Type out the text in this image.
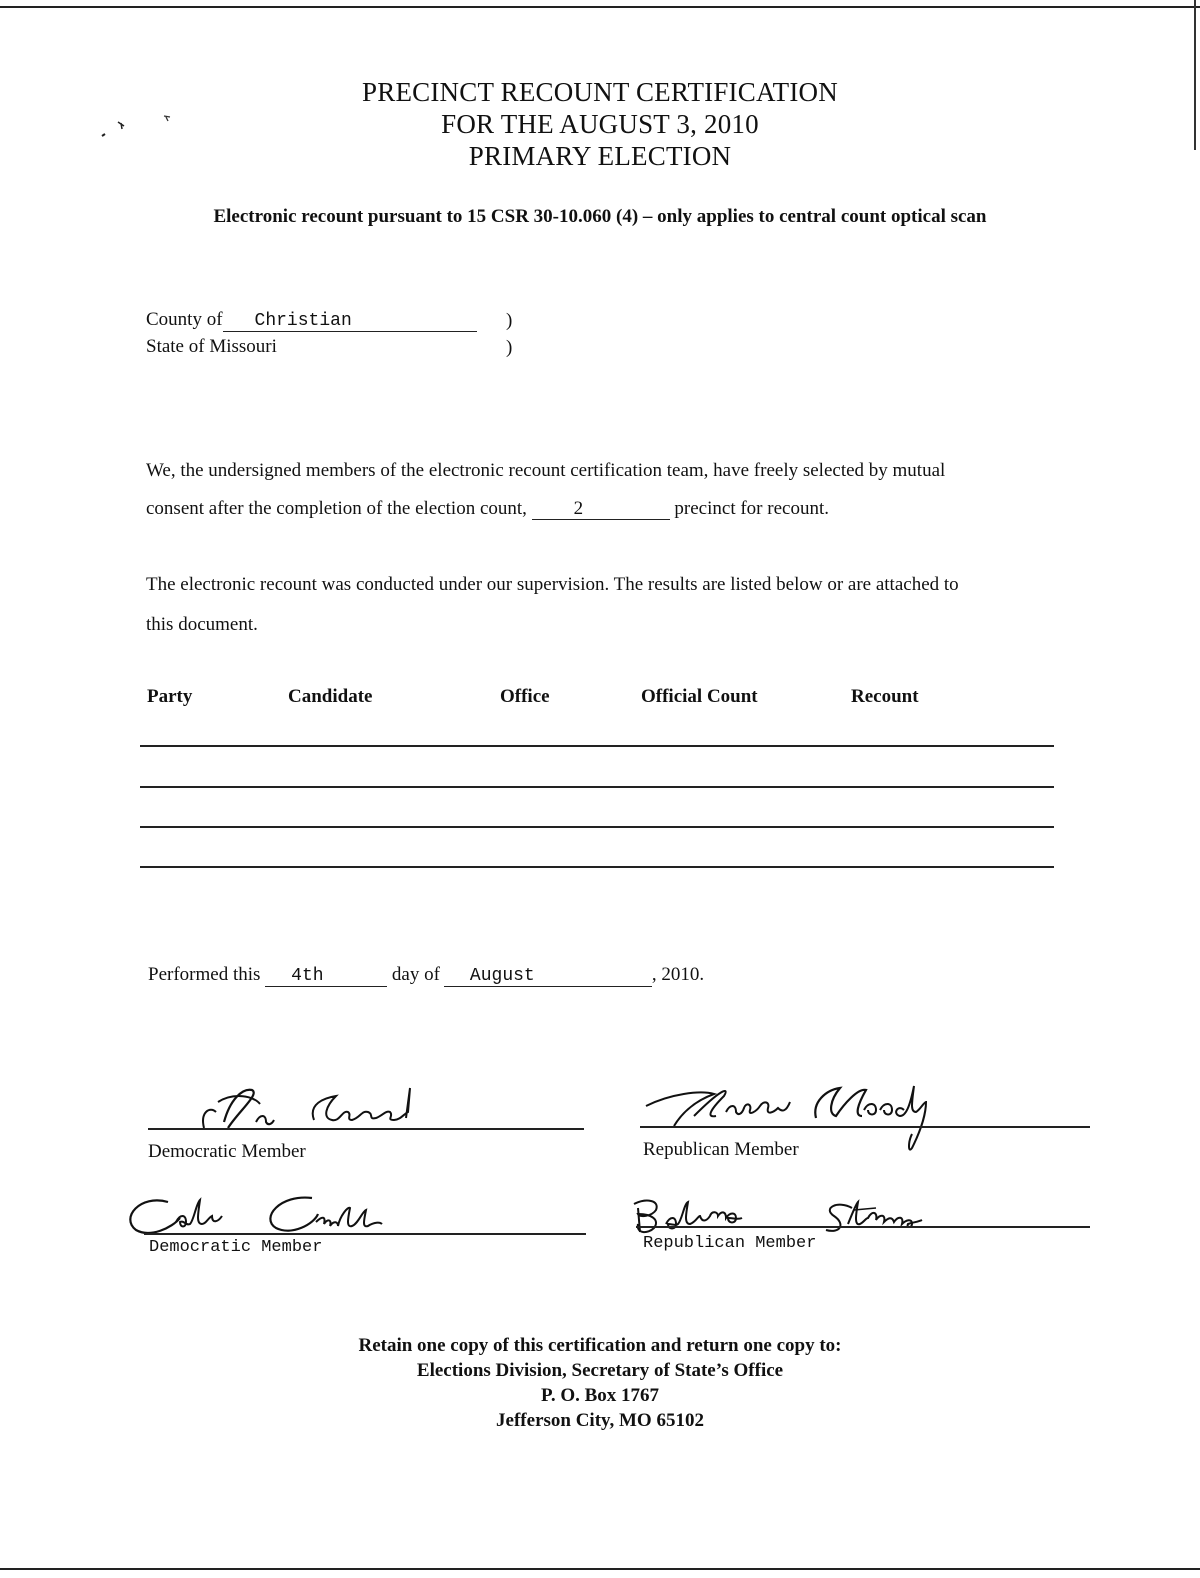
PRECINCT RECOUNT CERTIFICATION
FOR THE AUGUST 3, 2010
PRIMARY ELECTION
Electronic recount pursuant to 15 CSR 30-10.060 (4) – only applies to central count optical scan
County of Christian	)
State of Missouri	)
We, the undersigned members of the electronic recount certification team, have freely selected by mutual
consent after the completion of the election count, 2	precinct for recount.
The electronic recount was conducted under our supervision. The results are listed below or are attached to
this document.
Party	Candidate	Office	Official Count	Recount
Performed this 4th	day of August	, 2010.
Democratic Member	Republican Member
Democratic Member	Republican Member
Retain one copy of this certification and return one copy to:
Elections Division, Secretary of State’s Office
P. O. Box 1767
Jefferson City, MO 65102
